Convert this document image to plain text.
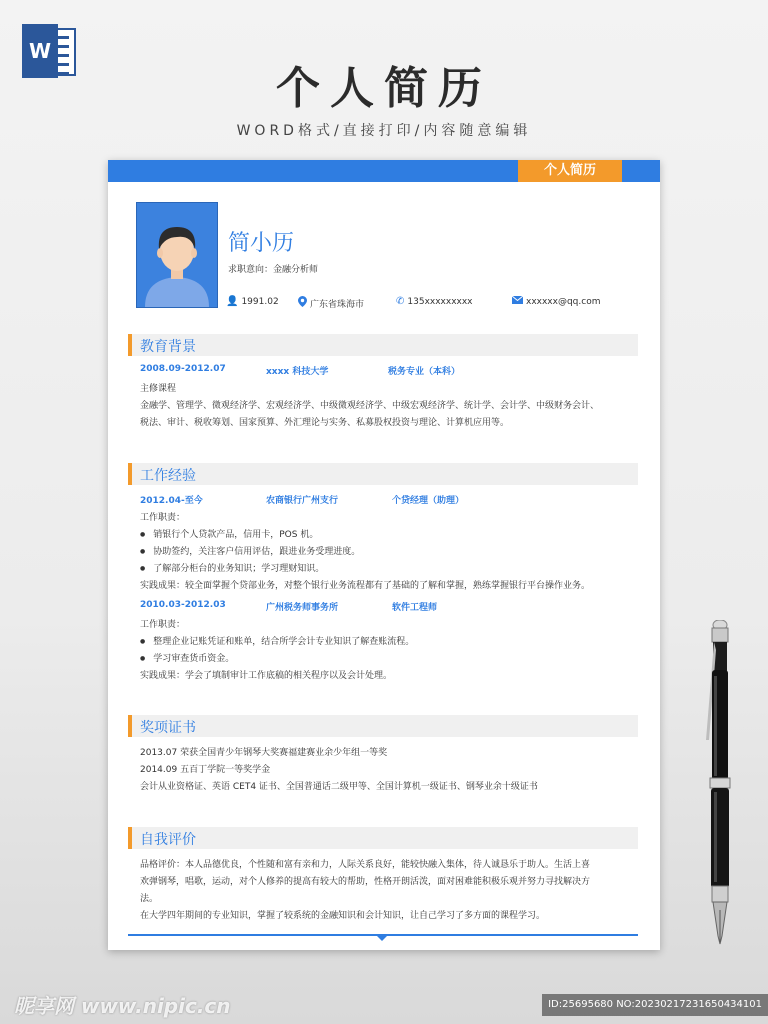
W
个人简历
WORD格式/直接打印/内容随意编辑
个人简历
简小历
求职意向：金融分析师
👤 1991.02	广东省珠海市	✆ 135xxxxxxxxx	xxxxxx@qq.com
教育背景
2008.09-2012.07	xxxx 科技大学	税务专业（本科）
主修课程
金融学、管理学、微观经济学、宏观经济学、中级微观经济学、中级宏观经济学、统计学、会计学、中级财务会计、
税法、审计、税收筹划、国家预算、外汇理论与实务、私募股权投资与理论、计算机应用等。
工作经验
2012.04-至今	农商银行广州支行	个贷经理（助理）
工作职责：
● 销银行个人贷款产品，信用卡，POS 机。
● 协助签约，关注客户信用评估，跟进业务受理进度。
● 了解部分柜台的业务知识；学习理财知识。
实践成果：较全面掌握个贷部业务，对整个银行业务流程都有了基础的了解和掌握，熟练掌握银行平台操作业务。
2010.03-2012.03	广州税务师事务所	软件工程师
工作职责：
● 整理企业记账凭证和账单，结合所学会计专业知识了解查账流程。
● 学习审查货币资金。
实践成果：学会了填制审计工作底稿的相关程序以及会计处理。
奖项证书
2013.07 荣获全国青少年钢琴大奖赛福建赛业余少年组一等奖
2014.09 五百丁学院一等奖学金
会计从业资格证、英语 CET4 证书、全国普通话二级甲等、全国计算机一级证书、钢琴业余十级证书
自我评价
品格评价：本人品德优良，个性随和富有亲和力，人际关系良好，能较快融入集体，待人诚恳乐于助人。生活上喜
欢弹钢琴，唱歌，运动，对个人修养的提高有较大的帮助，性格开朗活泼，面对困难能积极乐观并努力寻找解决方
法。
在大学四年期间的专业知识，掌握了较系统的金融知识和会计知识，让自己学习了多方面的课程学习。
昵享网 www.nipic.cn	ID:25695680 NO:20230217231650434101
